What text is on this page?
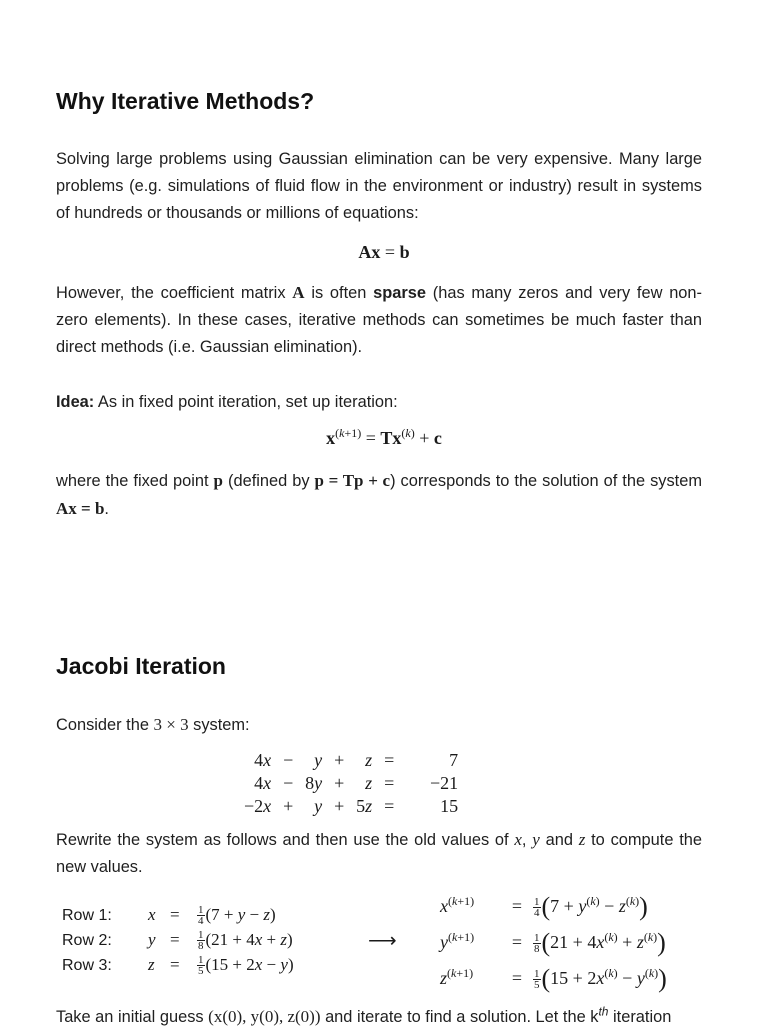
Why Iterative Methods?
Solving large problems using Gaussian elimination can be very expensive. Many large problems (e.g. simulations of fluid flow in the environment or industry) result in systems of hundreds or thousands or millions of equations:
Ax = b
However, the coefficient matrix A is often sparse (has many zeros and very few non-zero elements). In these cases, iterative methods can sometimes be much faster than direct methods (i.e. Gaussian elimination).
Idea: As in fixed point iteration, set up iteration:
$x^{(k+1)} = Tx^{(k)} + c$
where the fixed point p (defined by p = Tp + c) corresponds to the solution of the system Ax = b.
Jacobi Iteration
Consider the 3 × 3 system:
4x	−	y	+	z	=	7
4x	−	8y	+	z	=	−21
−2x	+	y	+	5z	=	15
Rewrite the system as follows and then use the old values of x, y and z to compute the new values.
Row 1: $x = \frac{1}{4} (7 + y - z)$
Row 2: $y = \frac{1}{8} (21 + 4x + z)$
Row 3: $z = \frac{1}{5} (15 + 2x - y)$
⟶
$x^{(k+1)} = \frac{1}{4} (7 + y^{(k)} - z^{(k)})$
$y^{(k+1)} = \frac{1}{8} (21 + 4x^{(k)} + z^{(k)})$
$z^{(k+1)} = \frac{1}{5} (15 + 2x^{(k)} - y^{(k)})$
Take an initial guess (x(0), y(0), z(0)) and iterate to find a solution. Let the $k^{th}$ iteration
